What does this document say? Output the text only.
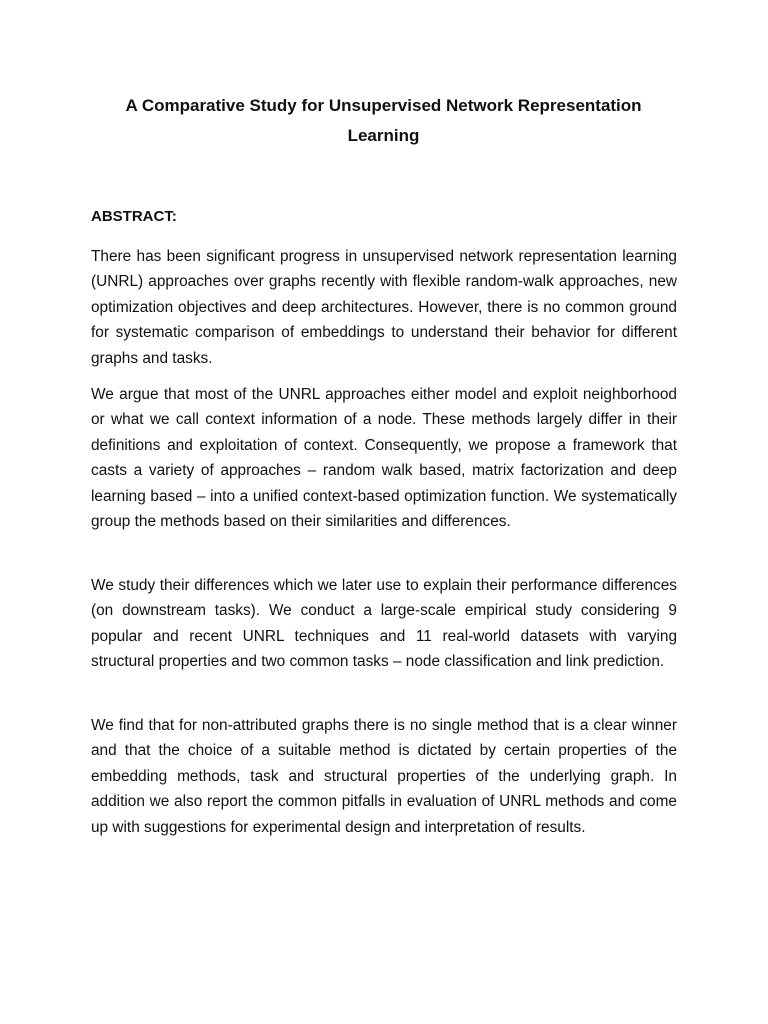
A Comparative Study for Unsupervised Network Representation Learning
ABSTRACT:

There has been significant progress in unsupervised network representation learning (UNRL) approaches over graphs recently with flexible random-walk approaches, new optimization objectives and deep architectures. However, there is no common ground for systematic comparison of embeddings to understand their behavior for different graphs and tasks.

We argue that most of the UNRL approaches either model and exploit neighborhood or what we call context information of a node. These methods largely differ in their definitions and exploitation of context. Consequently, we propose a framework that casts a variety of approaches – random walk based, matrix factorization and deep learning based – into a unified context-based optimization function. We systematically group the methods based on their similarities and differences.

We study their differences which we later use to explain their performance differences (on downstream tasks). We conduct a large-scale empirical study considering 9 popular and recent UNRL techniques and 11 real-world datasets with varying structural properties and two common tasks – node classification and link prediction.

We find that for non-attributed graphs there is no single method that is a clear winner and that the choice of a suitable method is dictated by certain properties of the embedding methods, task and structural properties of the underlying graph. In addition we also report the common pitfalls in evaluation of UNRL methods and come up with suggestions for experimental design and interpretation of results.
